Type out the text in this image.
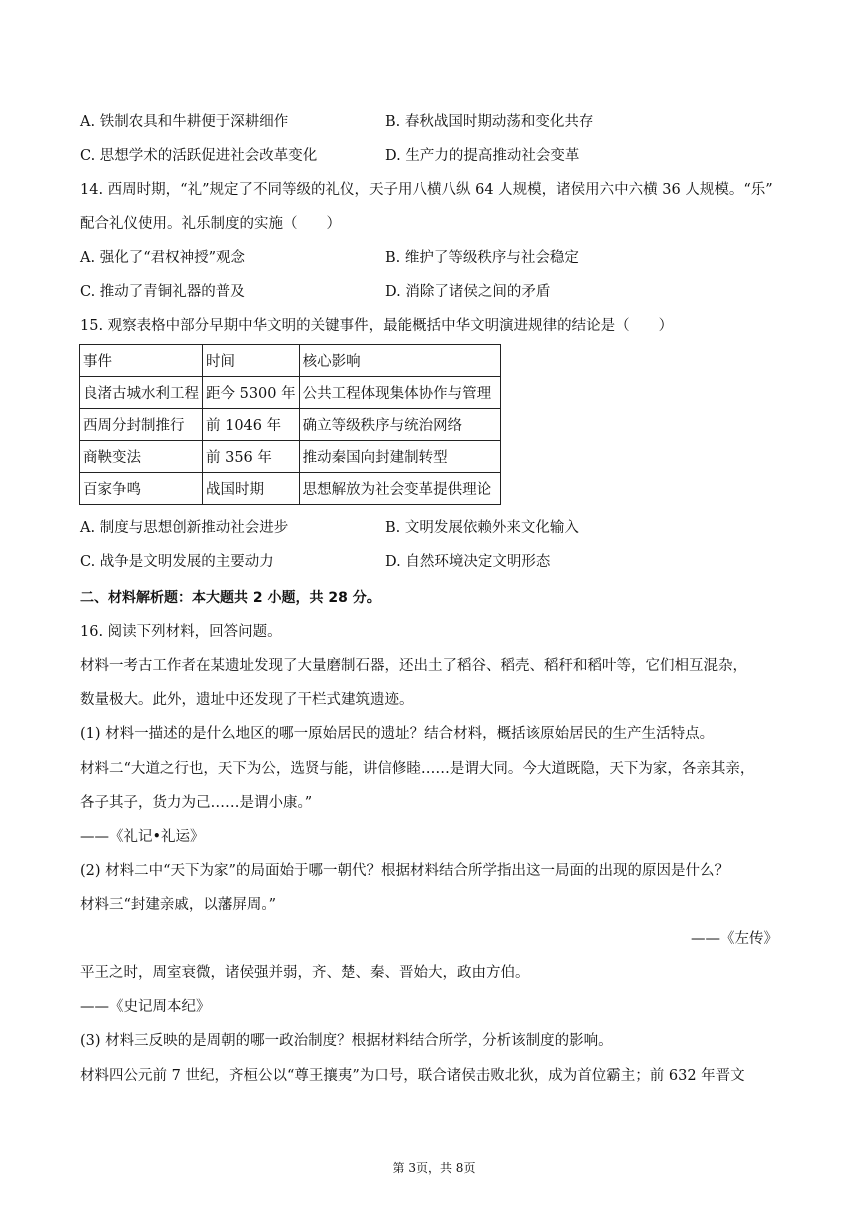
A. 铁制农具和牛耕便于深耕细作	B. 春秋战国时期动荡和变化共存
C. 思想学术的活跃促进社会改革变化	D. 生产力的提高推动社会变革
14. 西周时期，“礼”规定了不同等级的礼仪，天子用八横八纵 64 人规模，诸侯用六中六横 36 人规模。“乐”
配合礼仪使用。礼乐制度的实施（　　）
A. 强化了“君权神授”观念	B. 维护了等级秩序与社会稳定
C. 推动了青铜礼器的普及	D. 消除了诸侯之间的矛盾
15. 观察表格中部分早期中华文明的关键事件，最能概括中华文明演进规律的结论是（　　）
事件	时间	核心影响
良渚古城水利工程	距今 5300 年	公共工程体现集体协作与管理
西周分封制推行	前 1046 年	确立等级秩序与统治网络
商鞅变法	前 356 年	推动秦国向封建制转型
百家争鸣	战国时期	思想解放为社会变革提供理论
A. 制度与思想创新推动社会进步	B. 文明发展依赖外来文化输入
C. 战争是文明发展的主要动力	D. 自然环境决定文明形态
二、材料解析题：本大题共 2 小题，共 28 分。
16. 阅读下列材料，回答问题。
材料一考古工作者在某遗址发现了大量磨制石器，还出土了稻谷、稻壳、稻秆和稻叶等，它们相互混杂，
数量极大。此外，遗址中还发现了干栏式建筑遗迹。
(1) 材料一描述的是什么地区的哪一原始居民的遗址？结合材料，概括该原始居民的生产生活特点。
材料二“大道之行也，天下为公，选贤与能，讲信修睦……是谓大同。今大道既隐，天下为家，各亲其亲，
各子其子，货力为己……是谓小康。”
——《礼记•礼运》
(2) 材料二中“天下为家”的局面始于哪一朝代？根据材料结合所学指出这一局面的出现的原因是什么？
材料三“封建亲戚，以藩屏周。”
——《左传》
平王之时，周室衰微，诸侯强并弱，齐、楚、秦、晋始大，政由方伯。
——《史记周本纪》
(3) 材料三反映的是周朝的哪一政治制度？根据材料结合所学，分析该制度的影响。
材料四公元前 7 世纪，齐桓公以“尊王攘夷”为口号，联合诸侯击败北狄，成为首位霸主；前 632 年晋文
第 3页，共 8页
